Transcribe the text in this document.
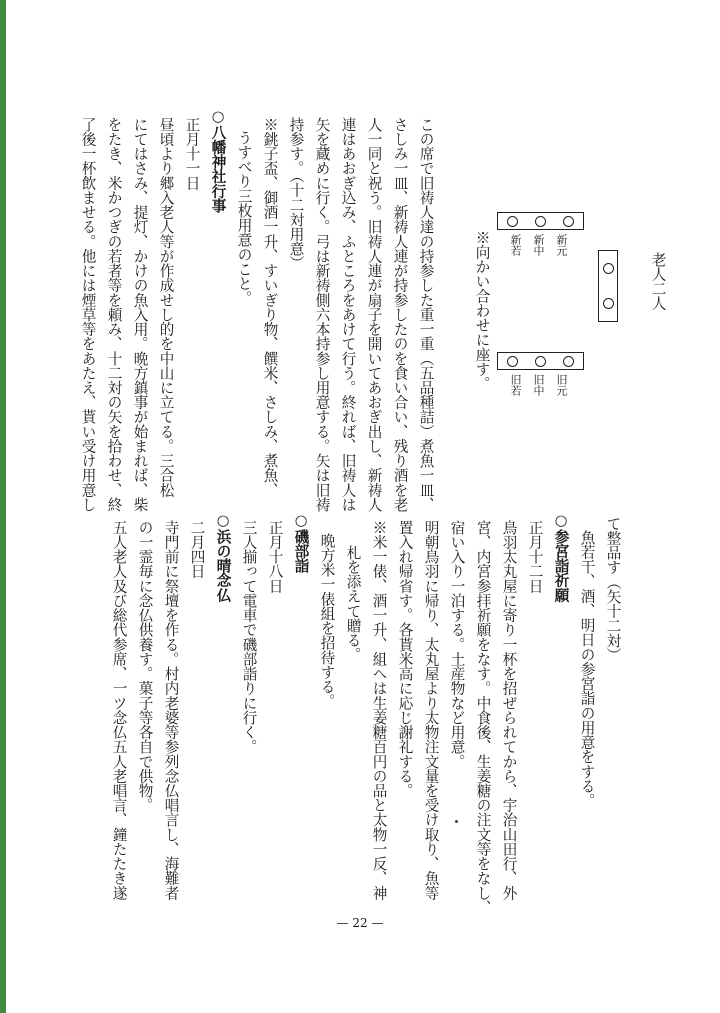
老人二人
新元
新中
新若
※向かい合わせに座す。	旧元
旧中
旧若
この席で旧祷人達の持参した重一重（五品種詰）煮魚一皿、
さしみ一皿、新祷人連が持参したのを食い合い、残り酒を老
人一同と祝う。旧祷人連が扇子を開いてあおぎ出し、新祷人
連はあおぎ込み、ふところをあけて行う。終れば、旧祷人は
矢を蔵めに行く。弓は新祷側六本持参し用意する。矢は旧祷
持参す。（十二対用意）
※銚子盃、御酒一升、すいぎり物、饌米、さしみ、煮魚、
うすべり三枚用意のこと。
○八幡神社行事
正月十一日
昼頃より郷入老人等が作成せし的を中山に立てる。三合松
にてはさみ、提灯、かけの魚入用。晩方鎮事が始まれば、柴
をたき、米かつぎの若者等を頼み、十二対の矢を拾わせ、終
了後一杯飲ませる。他には煙草等をあたえ、貰い受け用意し
て整品す（矢十二対）
魚若干、酒、明日の参宮詣の用意をする。
○参宮詣祈願
正月十二日
鳥羽太丸屋に寄り一杯を招ぜられてから、宇治山田行、外
宮、内宮参拝祈願をなす。中食後、生姜糖の注文等をなし、
宿い入り一泊する。土産物など用意。
明朝鳥羽に帰り、太丸屋より太物注文量を受け取り、魚等
置入れ帰省す。各貰米高に応じ謝礼する。
※米一俵、酒一升、組へは生姜糖百円の品と太物一反、神
札を添えて贈る。
晩方米一俵組を招待する。
○磯部詣
正月十八日
三人揃って電車で磯部詣りに行く。
○浜の晴念仏
二月四日
寺門前に祭壇を作る。村内老婆等参列念仏唱言し、海難者
の一霊毎に念仏供養す。菓子等各自で供物。
五人老人及び総代参席、一ツ念仏五人老唱言、鐘たたき遂
— 22 —
